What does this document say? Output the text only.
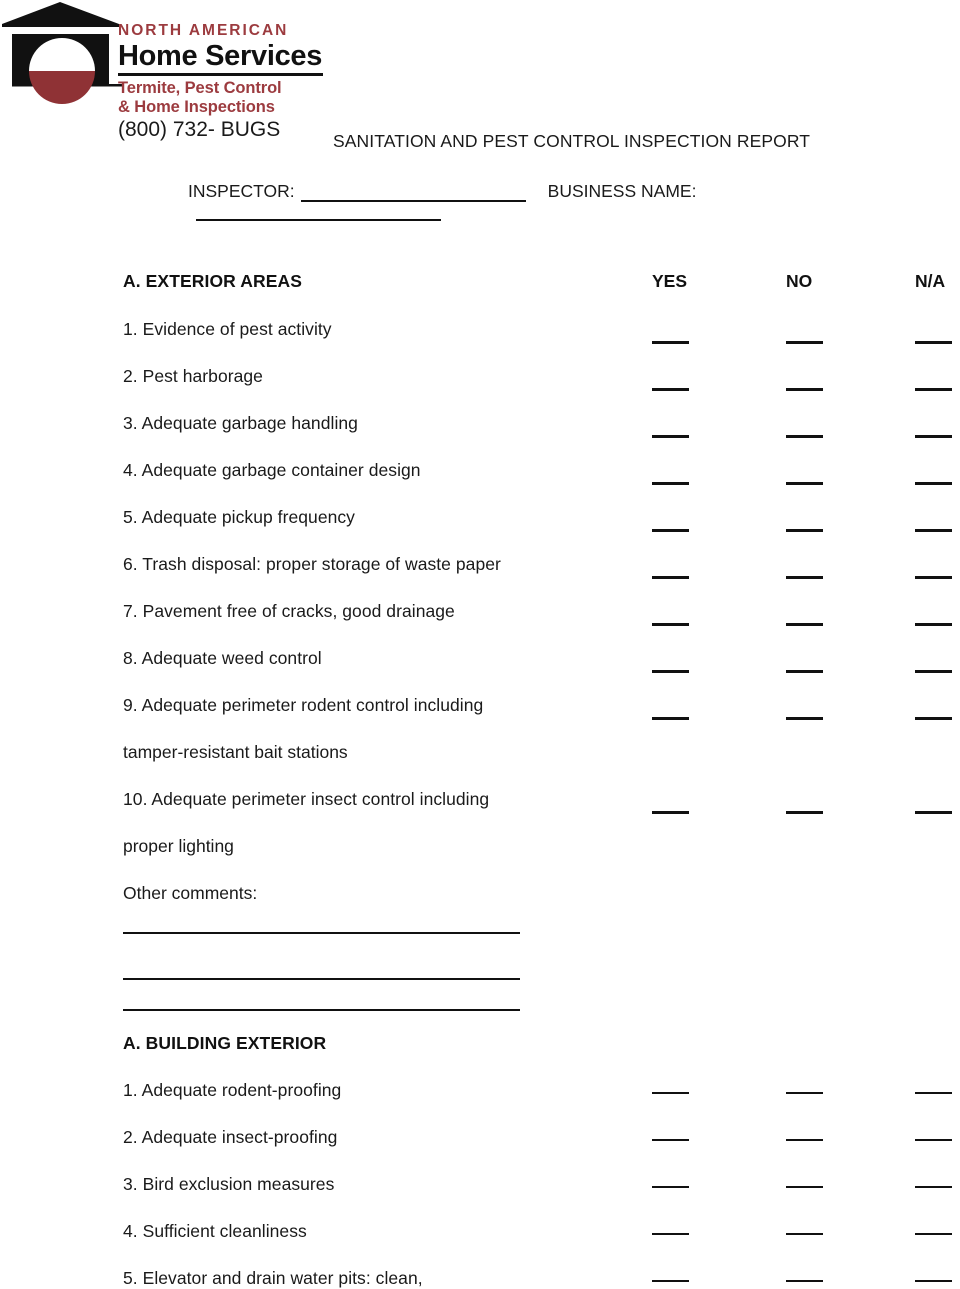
NORTH AMERICAN
Home Services
Termite, Pest Control
& Home Inspections
(800) 732- BUGS	SANITATION AND PEST CONTROL INSPECTION REPORT
INSPECTOR:	BUSINESS NAME:
A. EXTERIOR AREAS	YES	NO	N/A
1. Evidence of pest activity
2. Pest harborage
3. Adequate garbage handling
4. Adequate garbage container design
5. Adequate pickup frequency
6. Trash disposal: proper storage of waste paper
7. Pavement free of cracks, good drainage
8. Adequate weed control
9. Adequate perimeter rodent control including
tamper-resistant bait stations
10. Adequate perimeter insect control including
proper lighting
Other comments:
A. BUILDING EXTERIOR
1. Adequate rodent-proofing
2. Adequate insect-proofing
3. Bird exclusion measures
4. Sufficient cleanliness
5. Elevator and drain water pits: clean,
